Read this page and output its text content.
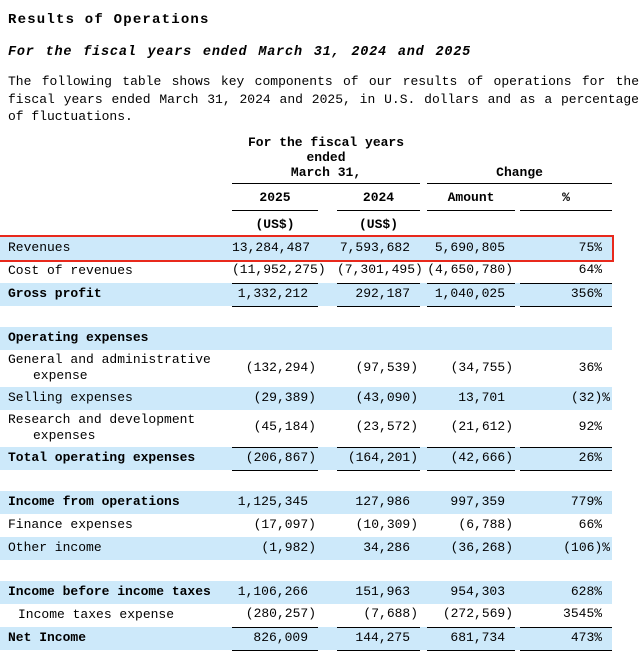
Results of Operations
For the fiscal years ended March 31, 2024 and 2025
The following table shows key components of our results of operations for the fiscal years ended March 31, 2024 and 2025, in U.S. dollars and as a percentage of fluctuations.

	For the fiscal years
ended
March 31,				Change		

	2025		2024		Amount		%
	(US$)		(US$)				

Revenues	13,284,487		7,593,682		5,690,805		75%

Cost of revenues	(11,952,275)		(7,301,495)		(4,650,780)		64%

Gross profit	1,332,212		292,187		1,040,025		356%

Operating expenses							

General and administrative
expense	(132,294)		(97,539)		(34,755)		36%

Selling expenses	(29,389)		(43,090)		13,701		(32)%

Research and development
expenses	(45,184)		(23,572)		(21,612)		92%

Total operating expenses	(206,867)		(164,201)		(42,666)		26%

Income from operations	1,125,345		127,986		997,359		779%

Finance expenses	(17,097)		(10,309)		(6,788)		66%

Other income	(1,982)		34,286		(36,268)		(106)%

Income before income taxes	1,106,266		151,963		954,303		628%

Income taxes expense	(280,257)		(7,688)		(272,569)		3545%

Net Income	826,009		144,275		681,734		473%
